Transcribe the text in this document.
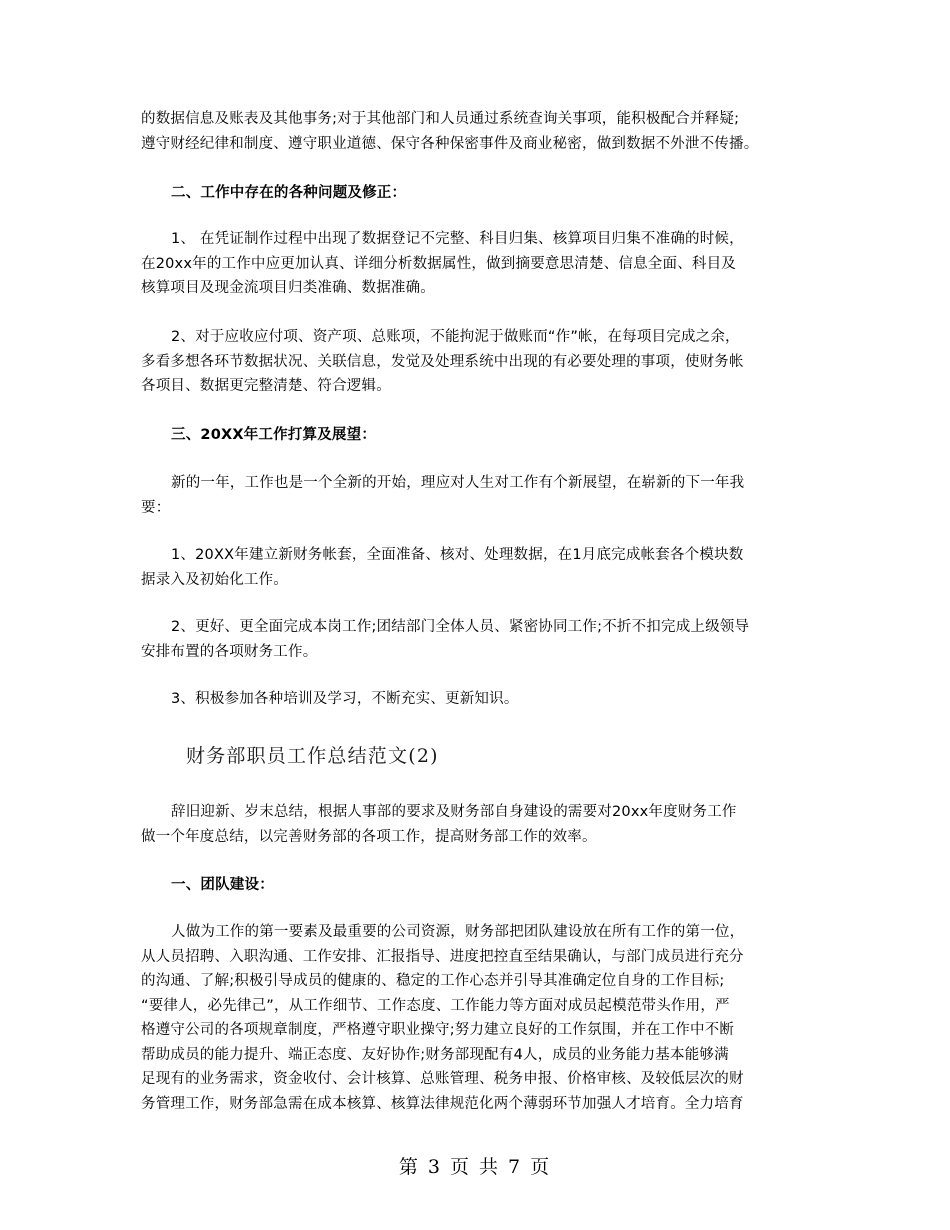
的数据信息及账表及其他事务;对于其他部门和人员通过系统查询关事项，能积极配合并释疑;
遵守财经纪律和制度、遵守职业道德、保守各种保密事件及商业秘密，做到数据不外泄不传播。
二、工作中存在的各种问题及修正：
1、 在凭证制作过程中出现了数据登记不完整、科目归集、核算项目归集不准确的时候，
在20xx年的工作中应更加认真、详细分析数据属性，做到摘要意思清楚、信息全面、科目及
核算项目及现金流项目归类准确、数据准确。
2、对于应收应付项、资产项、总账项，不能拘泥于做账而“作”帐，在每项目完成之余，
多看多想各环节数据状况、关联信息，发觉及处理系统中出现的有必要处理的事项，使财务帐
各项目、数据更完整清楚、符合逻辑。
三、20XX年工作打算及展望：
新的一年，工作也是一个全新的开始，理应对人生对工作有个新展望，在崭新的下一年我
要：
1、20XX年建立新财务帐套，全面准备、核对、处理数据，在1月底完成帐套各个模块数
据录入及初始化工作。
2、更好、更全面完成本岗工作;团结部门全体人员、紧密协同工作;不折不扣完成上级领导
安排布置的各项财务工作。
3、积极参加各种培训及学习，不断充实、更新知识。
财务部职员工作总结范文(2)
辞旧迎新、岁末总结，根据人事部的要求及财务部自身建设的需要对20xx年度财务工作
做一个年度总结，以完善财务部的各项工作，提高财务部工作的效率。
一、团队建设：
人做为工作的第一要素及最重要的公司资源，财务部把团队建设放在所有工作的第一位，
从人员招聘、入职沟通、工作安排、汇报指导、进度把控直至结果确认，与部门成员进行充分
的沟通、了解;积极引导成员的健康的、稳定的工作心态并引导其准确定位自身的工作目标;
“要律人，必先律己”，从工作细节、工作态度、工作能力等方面对成员起模范带头作用，严
格遵守公司的各项规章制度，严格遵守职业操守;努力建立良好的工作氛围，并在工作中不断
帮助成员的能力提升、端正态度、友好协作;财务部现配有4人，成员的业务能力基本能够满
足现有的业务需求，资金收付、会计核算、总账管理、税务申报、价格审核、及较低层次的财
务管理工作，财务部急需在成本核算、核算法律规范化两个薄弱环节加强人才培育。全力培育
第 3 页 共 7 页
